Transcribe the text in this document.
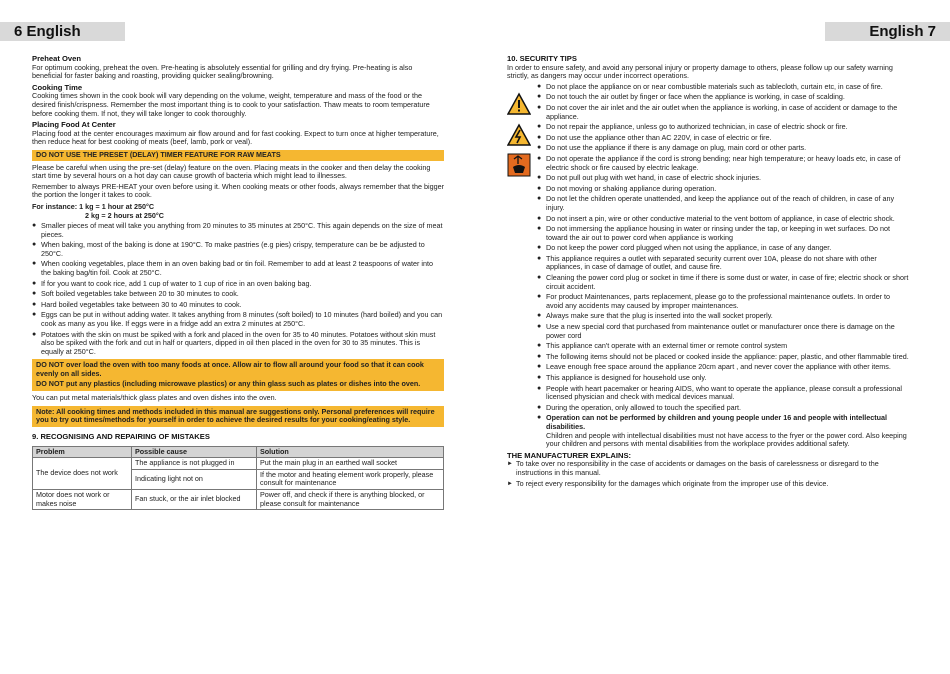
6 English	English 7
Preheat Oven
For optimum cooking, preheat the oven. Pre-heating is absolutely essential for grilling and dry frying. Pre-heating is also beneficial for faster baking and roasting, providing quicker sealing/browning.
Cooking Time
Cooking times shown in the cook book will vary depending on the volume, weight, temperature and mass of the food or the desired finish/crispness. Remember the most important thing is to cook to your satisfaction. Thaw meats to room temperature before cooking them. If not, they will take longer to cook thoroughly.
Placing Food At Center
Placing food at the center encourages maximum air flow around and for fast cooking. Expect to turn once at higher temperature, then reduce heat for best cooking of meats (beef, lamb, pork or veal).
DO NOT USE THE PRESET (DELAY) TIMER FEATURE FOR RAW MEATS
Please be careful when using the pre-set (delay) feature on the oven. Placing meats in the cooker and then delay the cooking start time by several hours on a hot day can cause growth of bacteria which might lead to illnesses.
Remember to always PRE-HEAT your oven before using it. When cooking meats or other foods, always remember that the bigger the portion the longer it takes to cook.
For instance: 1 kg = 1 hour at 250°C
2 kg = 2 hours at 250°C
● Smaller pieces of meat will take you anything from 20 minutes to 35 minutes at 250°C. This again depends on the size of meat pieces.
● When baking, most of the baking is done at 190°C. To make pastries (e.g pies) crispy, temperature can be be adjusted to 250°C.
● When cooking vegetables, place them in an oven baking bad or tin foil. Remember to add at least 2 teaspoons of water into the baking bag/tin foil. Cook at 250°C.
● If for you want to cook rice, add 1 cup of water to 1 cup of rice in an oven baking bag.
● Soft boiled vegetables take between 20 to 30 minutes to cook.
● Hard boiled vegetables take between 30 to 40 minutes to cook.
● Eggs can be put in without adding water. It takes anything from 8 minutes (soft boiled) to 10 minutes (hard boiled) and you can cook as many as you like. If eggs were in a fridge add an extra 2 minutes at 250°C.
● Potatoes with the skin on must be spiked with a fork and placed in the oven for 35 to 40 minutes. Potatoes without skin must also be spiked with the fork and cut in half or quarters, dipped in oil then placed in the oven for 30 to 35 minutes. This is equally at 250°C.
DO NOT over load the oven with too many foods at once. Allow air to flow all around your food so that it can cook evenly on all sides.
DO NOT put any plastics (including microwave plastics) or any thin glass such as plates or dishes into the oven.
You can put metal materials/thick glass plates and oven dishes into the oven.
Note: All cooking times and methods included in this manual are suggestions only. Personal preferences will require you to try out times/methods for yourself in order to achieve the desired results for your cooking/eating style.
9. RECOGNISING AND REPAIRING OF MISTAKES
Problem	Possible cause	Solution
The device does not work	The appliance is not plugged in	Put the main plug in an earthed wall socket
	Indicating light not on	If the motor and heating element work properly, please consult for maintenance
Motor does not work or makes noise	Fan stuck, or the air inlet blocked	Power off, and check if there is anything blocked, or please consult for maintenance
10. SECURITY TIPS
In order to ensure safety, and avoid any personal injury or property damage to others, please follow up our safety warning strictly, as dangers may occur under incorrect operations.

● Do not place the appliance on or near combustible materials such as tablecloth, curtain etc, in case of fire.
● Do not touch the air outlet by finger or face when the appliance is working, in case of scalding.
● Do not cover the air inlet and the air outlet when the appliance is working, in case of accident or damage to the appliance.
● Do not repair the appliance, unless go to authorized technician, in case of electric shock or fire.
● Do not use the appliance other than AC 220V, in case of electric or fire.
● Do not use the appliance if there is any damage on plug, main cord or other parts.
● Do not operate the appliance if the cord is strong bending; near high temperature; or heavy loads etc, in case of electric shock or fire caused by electric leakage.
● Do not pull out plug with wet hand, in case of electric shock injuries.
● Do not moving or shaking appliance during operation.
● Do not let the children operate unattended, and keep the appliance out of the reach of children, in case of any injury.
● Do not insert a pin, wire or other conductive material to the vent bottom of appliance, in case of electric shock.
● Do not immersing the appliance housing in water or rinsing under the tap, or keeping in wet surfaces. Do not toward the air out to power cord when appliance is working
● Do not keep the power cord plugged when not using the appliance, in case of any danger.
● This appliance requires a outlet with separated security current over 10A, please do not share with other appliances, in case of damage of outlet, and cause fire.
● Cleaning the power cord plug or socket in time if there is some dust or water, in case of fire; electric shock or short circuit accident.
● For product Maintenances, parts replacement, please go to the professional maintenance outlets. In order to avoid any accidents may caused by improper maintenances.
● Always make sure that the plug is inserted into the wall socket properly.
● Use a new special cord that purchased from maintenance outlet or manufacturer once there is damage on the power cord
● This appliance can't operate with an external timer or remote control system
● The following items should not be placed or cooked inside the appliance: paper, plastic, and other flammable tired.
● Leave enough free space around the appliance 20cm apart , and never cover the appliance with other items.
● This appliance is designed for household use only.
● People with heart pacemaker or hearing AIDS, who want to operate the appliance, please consult a professional licensed physician and check with medical devices manual.
● During the operation, only allowed to touch the specified part.
● Operation can not be performed by children and young people under 16 and people with intellectual disabilities.
Children and people with intellectual disabilities must not have access to the fryer or the power cord. Also keeping your children and persons with mental disabilities from the workplace provides additional safety.
THE MANUFACTURER EXPLAINS:
► To take over no responsibility in the case of accidents or damages on the basis of carelessness or disregard to the instructions in this manual.
► To reject every responsibility for the damages which originate from the improper use of this device.
